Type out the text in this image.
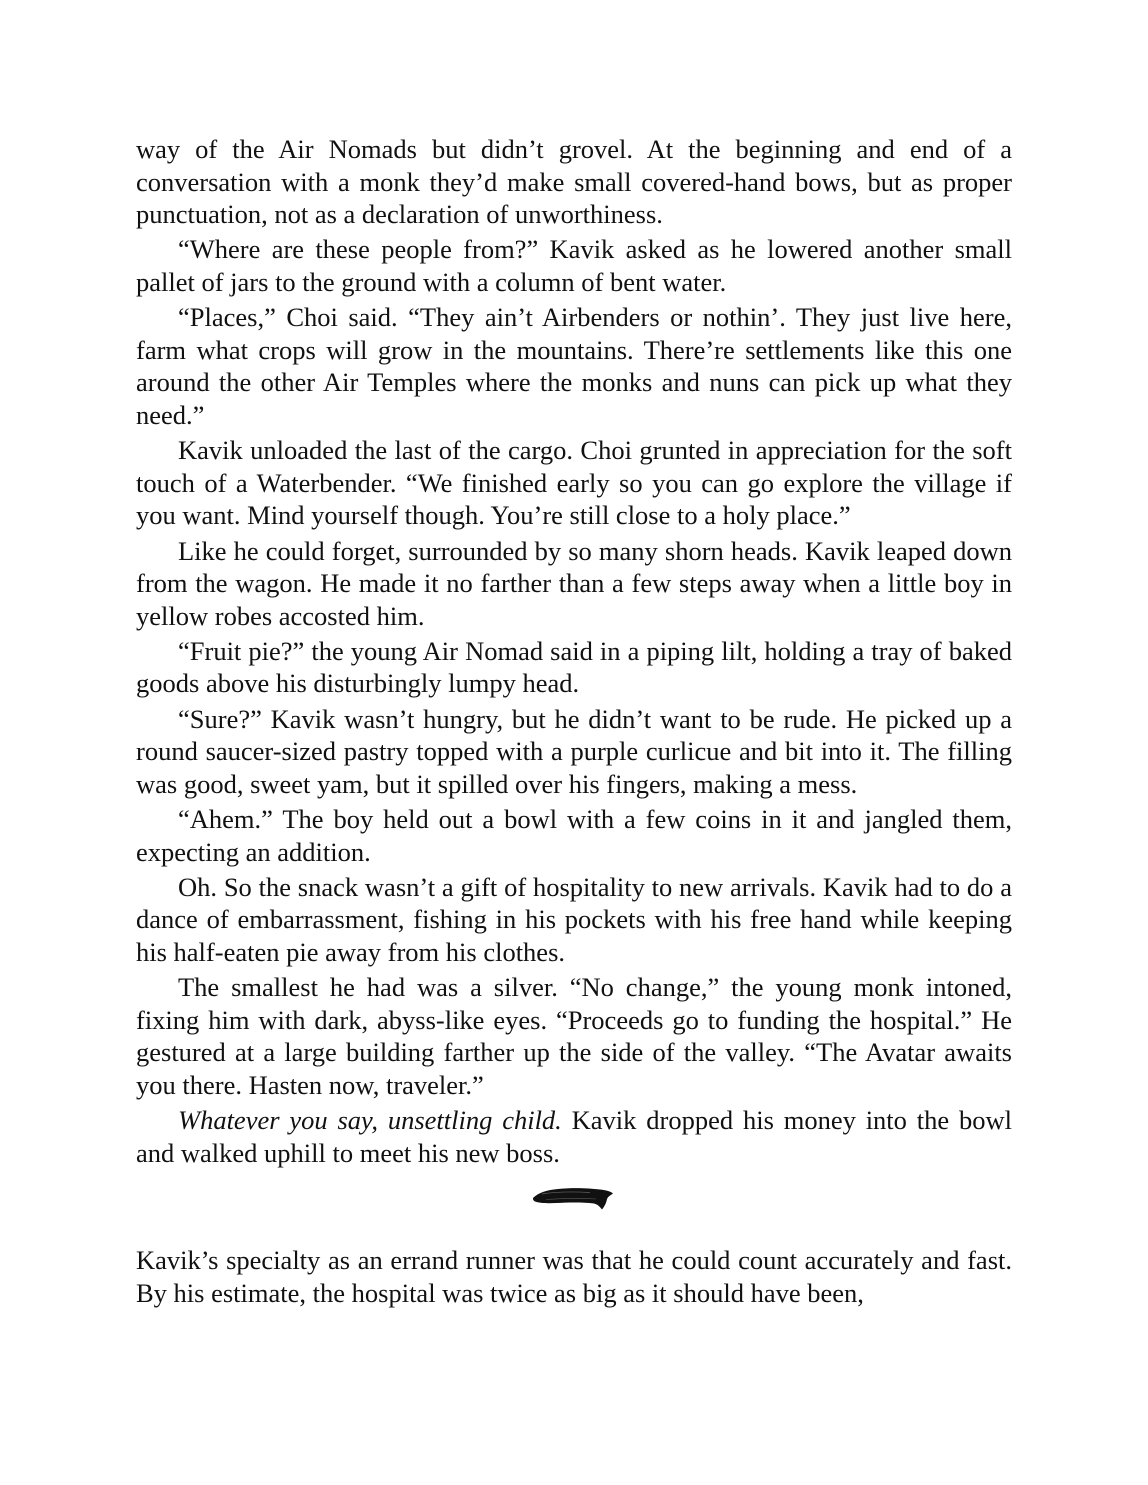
way of the Air Nomads but didn’t grovel. At the beginning and end of a conversation with a monk they’d make small covered-hand bows, but as proper punctuation, not as a declaration of unworthiness.

“Where are these people from?” Kavik asked as he lowered another small pallet of jars to the ground with a column of bent water.

“Places,” Choi said. “They ain’t Airbenders or nothin’. They just live here, farm what crops will grow in the mountains. There’re settlements like this one around the other Air Temples where the monks and nuns can pick up what they need.”

Kavik unloaded the last of the cargo. Choi grunted in appreciation for the soft touch of a Waterbender. “We finished early so you can go explore the village if you want. Mind yourself though. You’re still close to a holy place.”

Like he could forget, surrounded by so many shorn heads. Kavik leaped down from the wagon. He made it no farther than a few steps away when a little boy in yellow robes accosted him.

“Fruit pie?” the young Air Nomad said in a piping lilt, holding a tray of baked goods above his disturbingly lumpy head.

“Sure?” Kavik wasn’t hungry, but he didn’t want to be rude. He picked up a round saucer-sized pastry topped with a purple curlicue and bit into it. The filling was good, sweet yam, but it spilled over his fingers, making a mess.

“Ahem.” The boy held out a bowl with a few coins in it and jangled them, expecting an addition.

Oh. So the snack wasn’t a gift of hospitality to new arrivals. Kavik had to do a dance of embarrassment, fishing in his pockets with his free hand while keeping his half-eaten pie away from his clothes.

The smallest he had was a silver. “No change,” the young monk intoned, fixing him with dark, abyss-like eyes. “Proceeds go to funding the hospital.” He gestured at a large building farther up the side of the valley. “The Avatar awaits you there. Hasten now, traveler.”

Whatever you say, unsettling child. Kavik dropped his money into the bowl and walked uphill to meet his new boss.

Kavik’s specialty as an errand runner was that he could count accurately and fast. By his estimate, the hospital was twice as big as it should have been,
